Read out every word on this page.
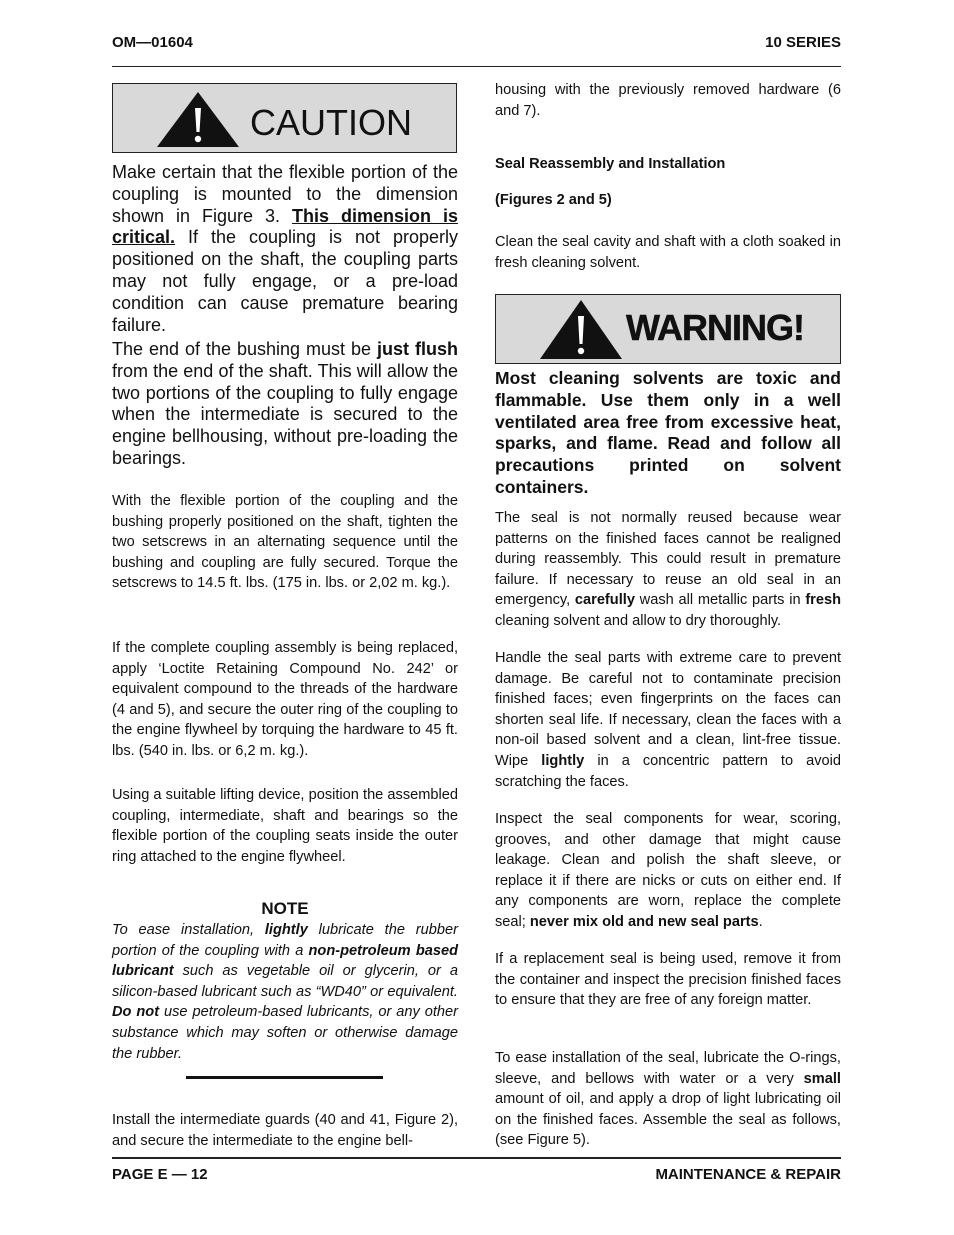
OM—01604	10 SERIES
CAUTION

Make certain that the flexible portion of the coupling is mounted to the dimension shown in Figure 3. This dimension is critical. If the coupling is not properly positioned on the shaft, the coupling parts may not fully engage, or a pre-load condition can cause premature bearing failure.

The end of the bushing must be just flush from the end of the shaft. This will allow the two portions of the coupling to fully engage when the intermediate is secured to the engine bellhousing, without pre-loading the bearings.

With the flexible portion of the coupling and the bushing properly positioned on the shaft, tighten the two setscrews in an alternating sequence until the bushing and coupling are fully secured. Torque the setscrews to 14.5 ft. lbs. (175 in. lbs. or 2,02 m. kg.).
If the complete coupling assembly is being replaced, apply ‘Loctite Retaining Compound No. 242’ or equivalent compound to the threads of the hardware (4 and 5), and secure the outer ring of the coupling to the engine flywheel by torquing the hardware to 45 ft. lbs. (540 in. lbs. or 6,2 m. kg.).
Using a suitable lifting device, position the assembled coupling, intermediate, shaft and bearings so the flexible portion of the coupling seats inside the outer ring attached to the engine flywheel.
NOTE
To ease installation, lightly lubricate the rubber portion of the coupling with a non-petroleum based lubricant such as vegetable oil or glycerin, or a silicon-based lubricant such as “WD40” or equivalent. Do not use petroleum-based lubricants, or any other substance which may soften or otherwise damage the rubber.
Install the intermediate guards (40 and 41, Figure 2), and secure the intermediate to the engine bell-
housing with the previously removed hardware (6 and 7).
Seal Reassembly and Installation
(Figures 2 and 5)
Clean the seal cavity and shaft with a cloth soaked in fresh cleaning solvent.
WARNING!
Most cleaning solvents are toxic and flammable. Use them only in a well ventilated area free from excessive heat, sparks, and flame. Read and follow all precautions printed on solvent containers.
The seal is not normally reused because wear patterns on the finished faces cannot be realigned during reassembly. This could result in premature failure. If necessary to reuse an old seal in an emergency, carefully wash all metallic parts in fresh cleaning solvent and allow to dry thoroughly.
Handle the seal parts with extreme care to prevent damage. Be careful not to contaminate precision finished faces; even fingerprints on the faces can shorten seal life. If necessary, clean the faces with a non-oil based solvent and a clean, lint-free tissue. Wipe lightly in a concentric pattern to avoid scratching the faces.
Inspect the seal components for wear, scoring, grooves, and other damage that might cause leakage. Clean and polish the shaft sleeve, or replace it if there are nicks or cuts on either end. If any components are worn, replace the complete seal; never mix old and new seal parts.
If a replacement seal is being used, remove it from the container and inspect the precision finished faces to ensure that they are free of any foreign matter.
To ease installation of the seal, lubricate the O-rings, sleeve, and bellows with water or a very small amount of oil, and apply a drop of light lubricating oil on the finished faces. Assemble the seal as follows, (see Figure 5).
PAGE E — 12	MAINTENANCE & REPAIR
